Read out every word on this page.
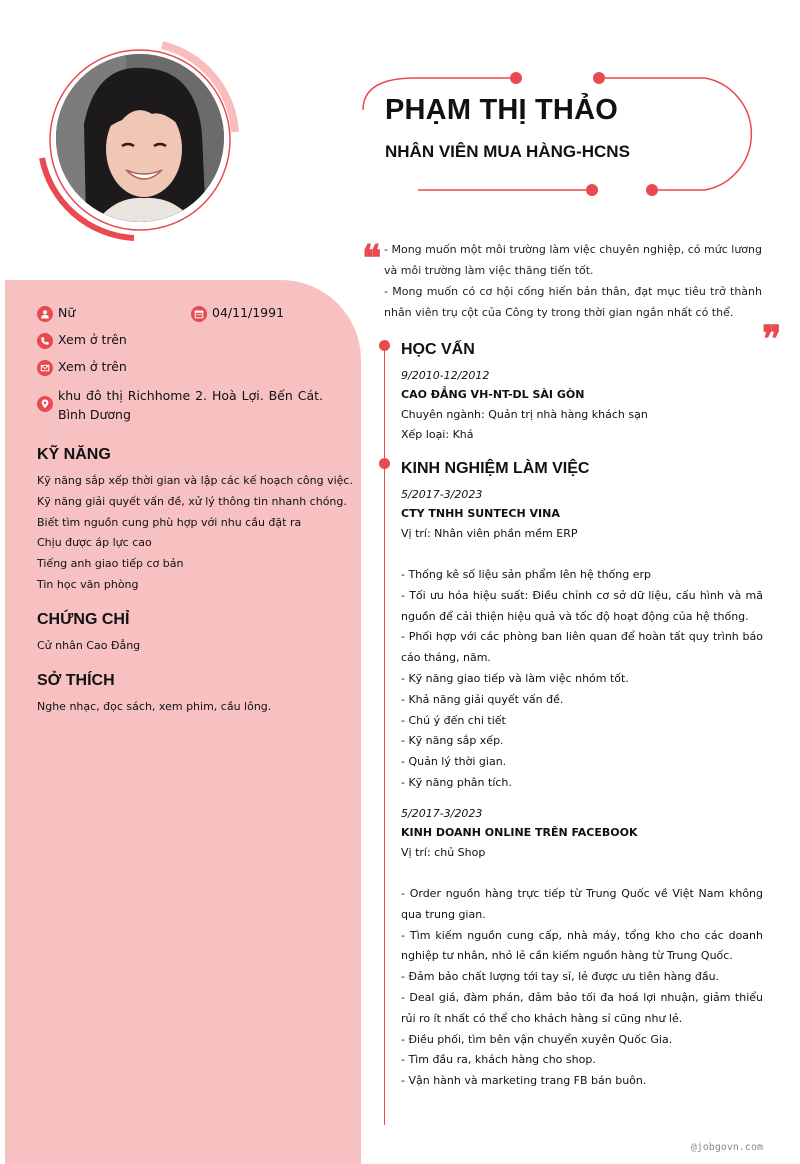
PHẠM THỊ THẢO
NHÂN VIÊN MUA HÀNG-HCNS
❞ - Mong muốn một môi trường làm việc chuyên nghiệp, có mức lương và môi trường làm việc thăng tiến tốt.

- Mong muốn có cơ hội cống hiến bản thân, đạt mục tiêu trở thành nhân viên trụ cột của Công ty trong thời gian ngắn nhất có thể.

❞
Nữ	04/11/1991
Xem ở trên
Xem ở trên
khu đô thị Richhome 2. Hoà Lợi. Bến Cát. Bình Dương
KỸ NĂNG
Kỹ năng sắp xếp thời gian và lập các kế hoạch công việc.
Kỹ năng giải quyết vấn đề, xử lý thông tin nhanh chóng.
Biết tìm nguồn cung phù hợp với nhu cầu đặt ra
Chịu được áp lực cao
Tiếng anh giao tiếp cơ bản
Tin học văn phòng
CHỨNG CHỈ

Cử nhân Cao Đẳng

SỞ THÍCH

Nghe nhạc, đọc sách, xem phim, cầu lông.

HỌC VẤN
9/2010-12/2012
CAO ĐẲNG VH-NT-DL SÀI GÒN
Chuyên ngành: Quản trị nhà hàng khách sạn
Xếp loại: Khá
KINH NGHIỆM LÀM VIỆC
5/2017-3/2023
CTY TNHH SUNTECH VINA
Vị trí: Nhân viên phần mềm ERP
- Thống kê số liệu sản phẩm lên hệ thống erp
- Tối ưu hóa hiệu suất: Điều chỉnh cơ sở dữ liệu, cấu hình và mã nguồn để cải thiện hiệu quả và tốc độ hoạt động của hệ thống.
- Phối hợp với các phòng ban liên quan để hoàn tất quy trình báo cáo tháng, năm.
- Kỹ năng giao tiếp và làm việc nhóm tốt.
- Khả năng giải quyết vấn đề.
- Chú ý đến chi tiết
- Kỹ năng sắp xếp.
- Quản lý thời gian.
- Kỹ năng phân tích.
5/2017-3/2023
KINH DOANH ONLINE TRÊN FACEBOOK
Vị trí: chủ Shop
- Order nguồn hàng trực tiếp từ Trung Quốc về Việt Nam không qua trung gian.
- Tìm kiếm nguồn cung cấp, nhà máy, tổng kho cho các doanh nghiệp tư nhân, nhỏ lẻ cần kiếm nguồn hàng từ Trung Quốc.
- Đảm bảo chất lượng tới tay sỉ, lẻ được ưu tiên hàng đầu.
- Deal giá, đàm phán, đảm bảo tối đa hoá lợi nhuận, giảm thiểu rủi ro ít nhất có thể cho khách hàng sỉ cũng như lẻ.
- Điều phối, tìm bên vận chuyển xuyên Quốc Gia.
- Tìm đầu ra, khách hàng cho shop.
- Vận hành và marketing trang FB bán buôn.
@jobgovn.com
